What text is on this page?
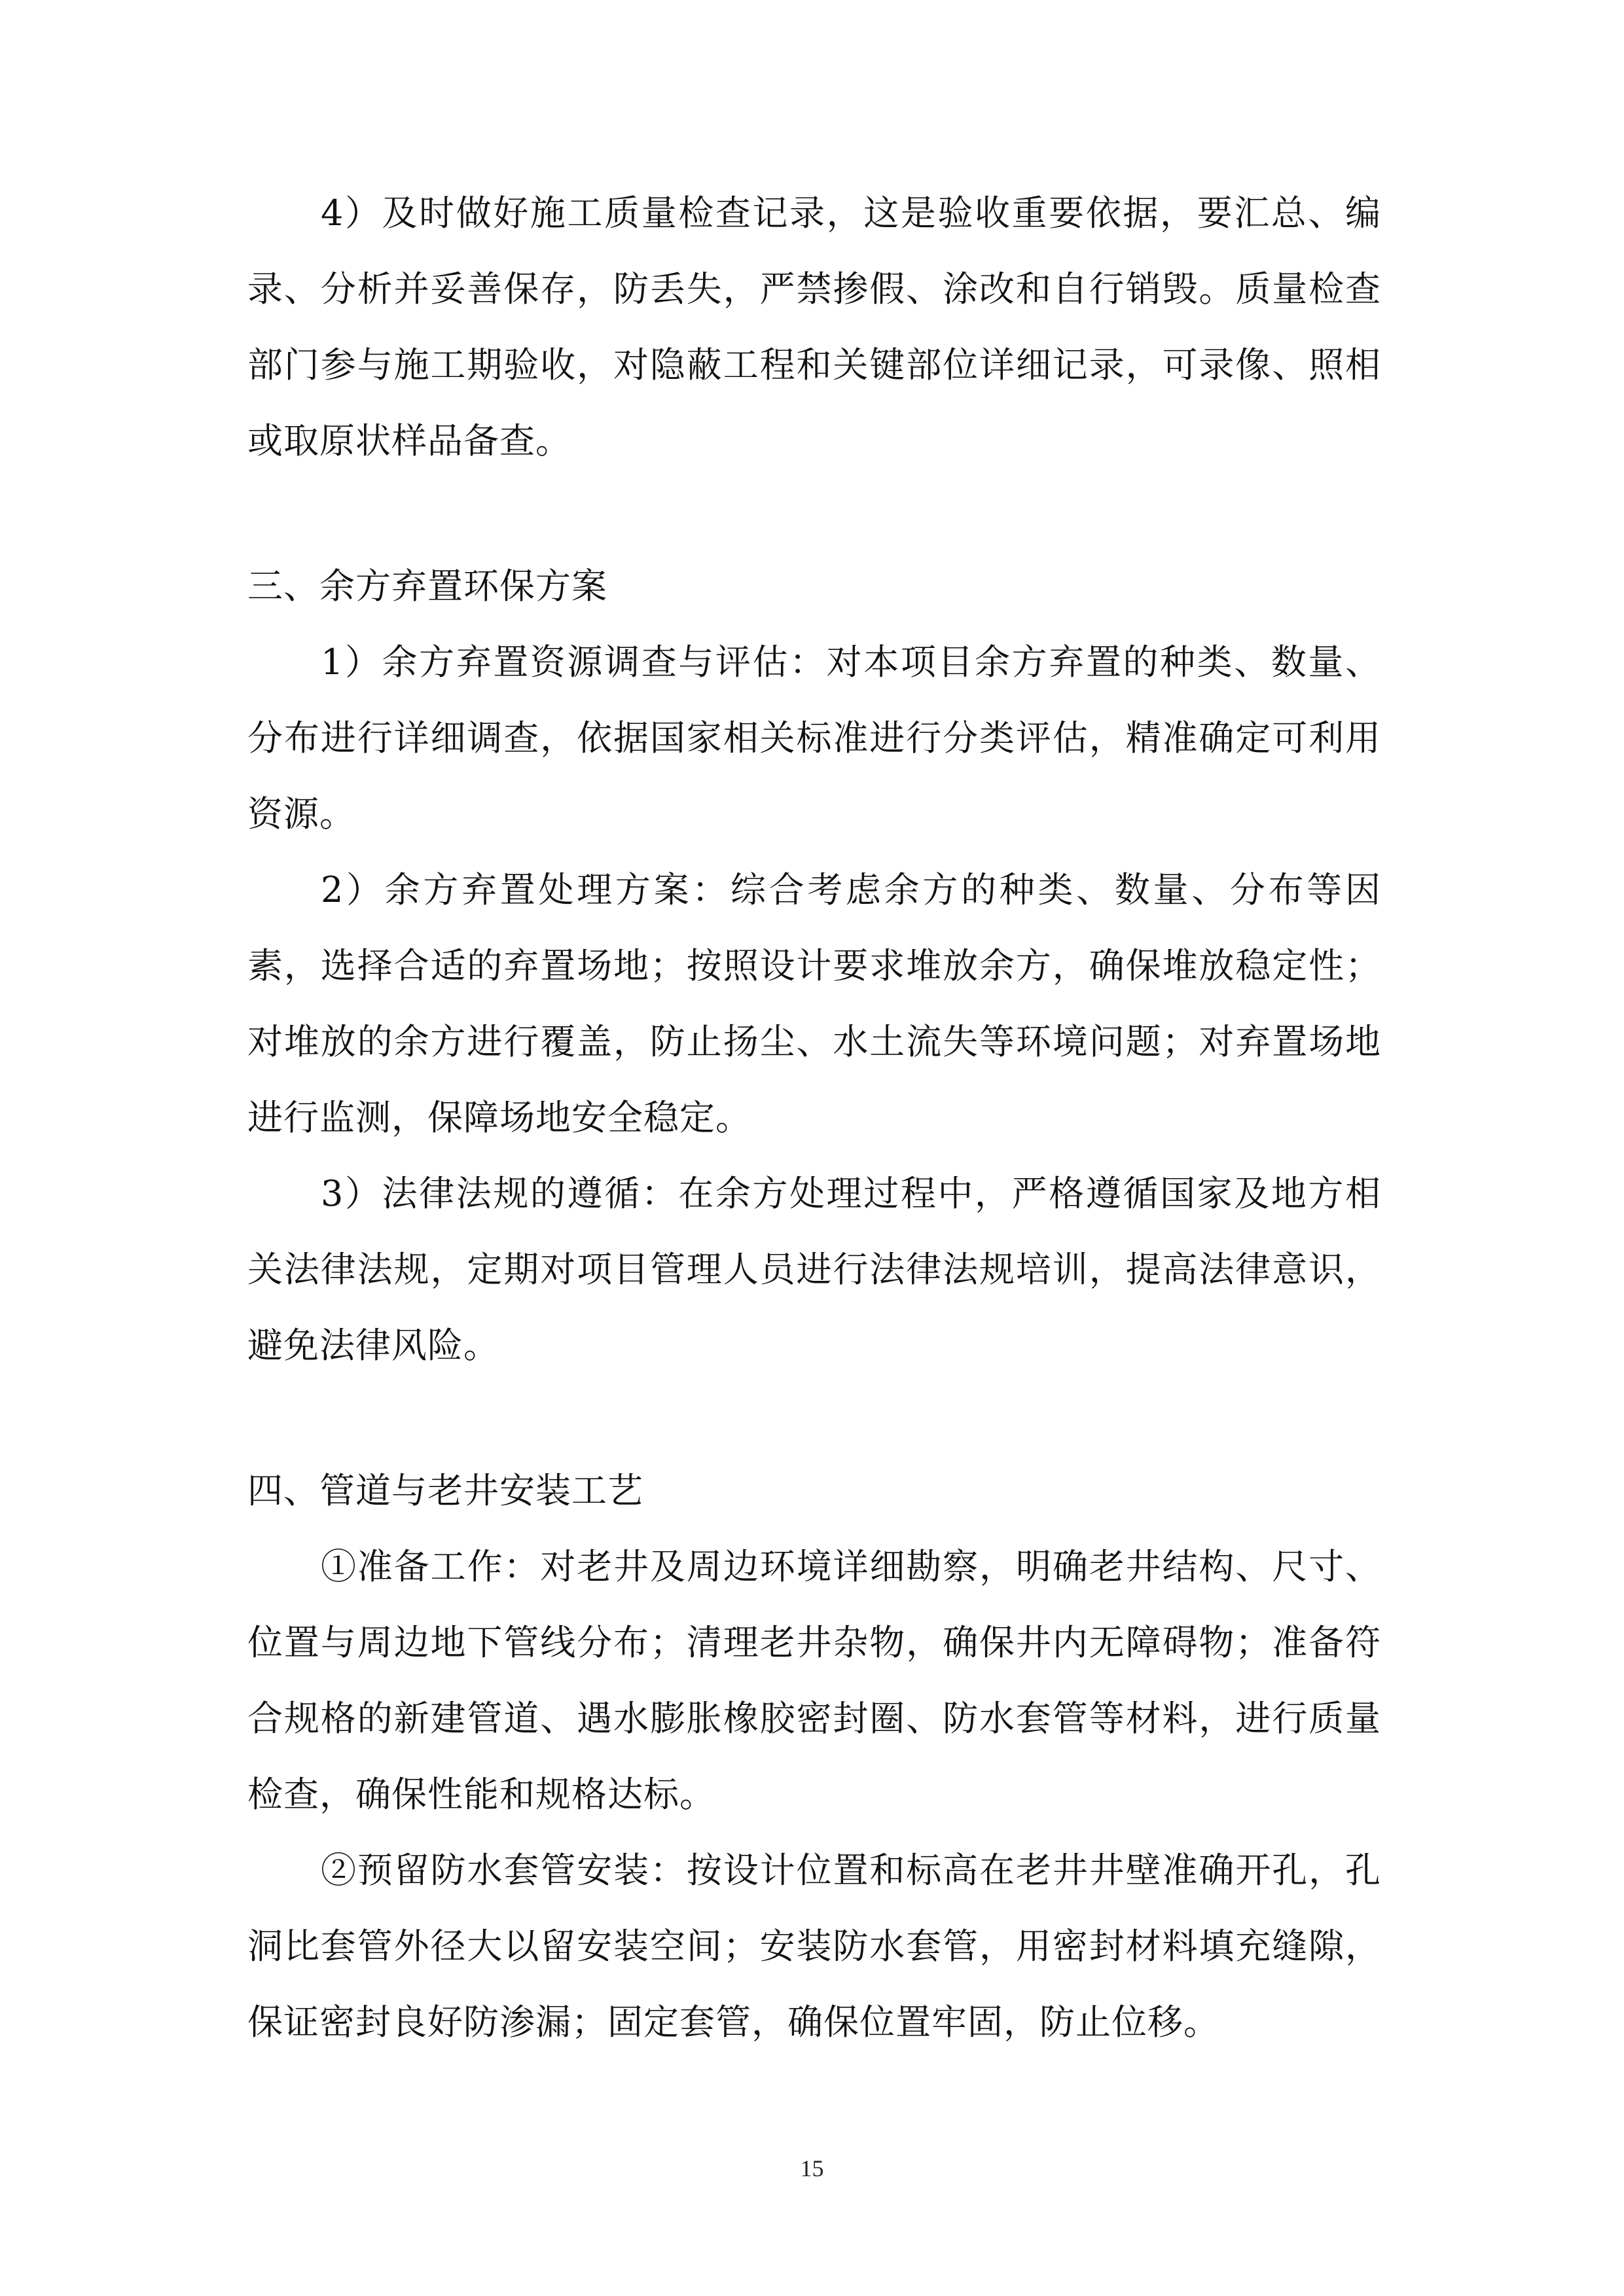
4）及时做好施工质量检查记录，这是验收重要依据，要汇总、编录、分析并妥善保存，防丢失，严禁掺假、涂改和自行销毁。质量检查部门参与施工期验收，对隐蔽工程和关键部位详细记录，可录像、照相或取原状样品备查。

三、余方弃置环保方案

1）余方弃置资源调查与评估：对本项目余方弃置的种类、数量、分布进行详细调查，依据国家相关标准进行分类评估，精准确定可利用资源。

2）余方弃置处理方案：综合考虑余方的种类、数量、分布等因素，选择合适的弃置场地；按照设计要求堆放余方，确保堆放稳定性；对堆放的余方进行覆盖，防止扬尘、水土流失等环境问题；对弃置场地进行监测，保障场地安全稳定。

3）法律法规的遵循：在余方处理过程中，严格遵循国家及地方相关法律法规，定期对项目管理人员进行法律法规培训，提高法律意识，避免法律风险。

四、管道与老井安装工艺

①准备工作：对老井及周边环境详细勘察，明确老井结构、尺寸、位置与周边地下管线分布；清理老井杂物，确保井内无障碍物；准备符合规格的新建管道、遇水膨胀橡胶密封圈、防水套管等材料，进行质量检查，确保性能和规格达标。

②预留防水套管安装：按设计位置和标高在老井井壁准确开孔，孔洞比套管外径大以留安装空间；安装防水套管，用密封材料填充缝隙，保证密封良好防渗漏；固定套管，确保位置牢固，防止位移。

15
